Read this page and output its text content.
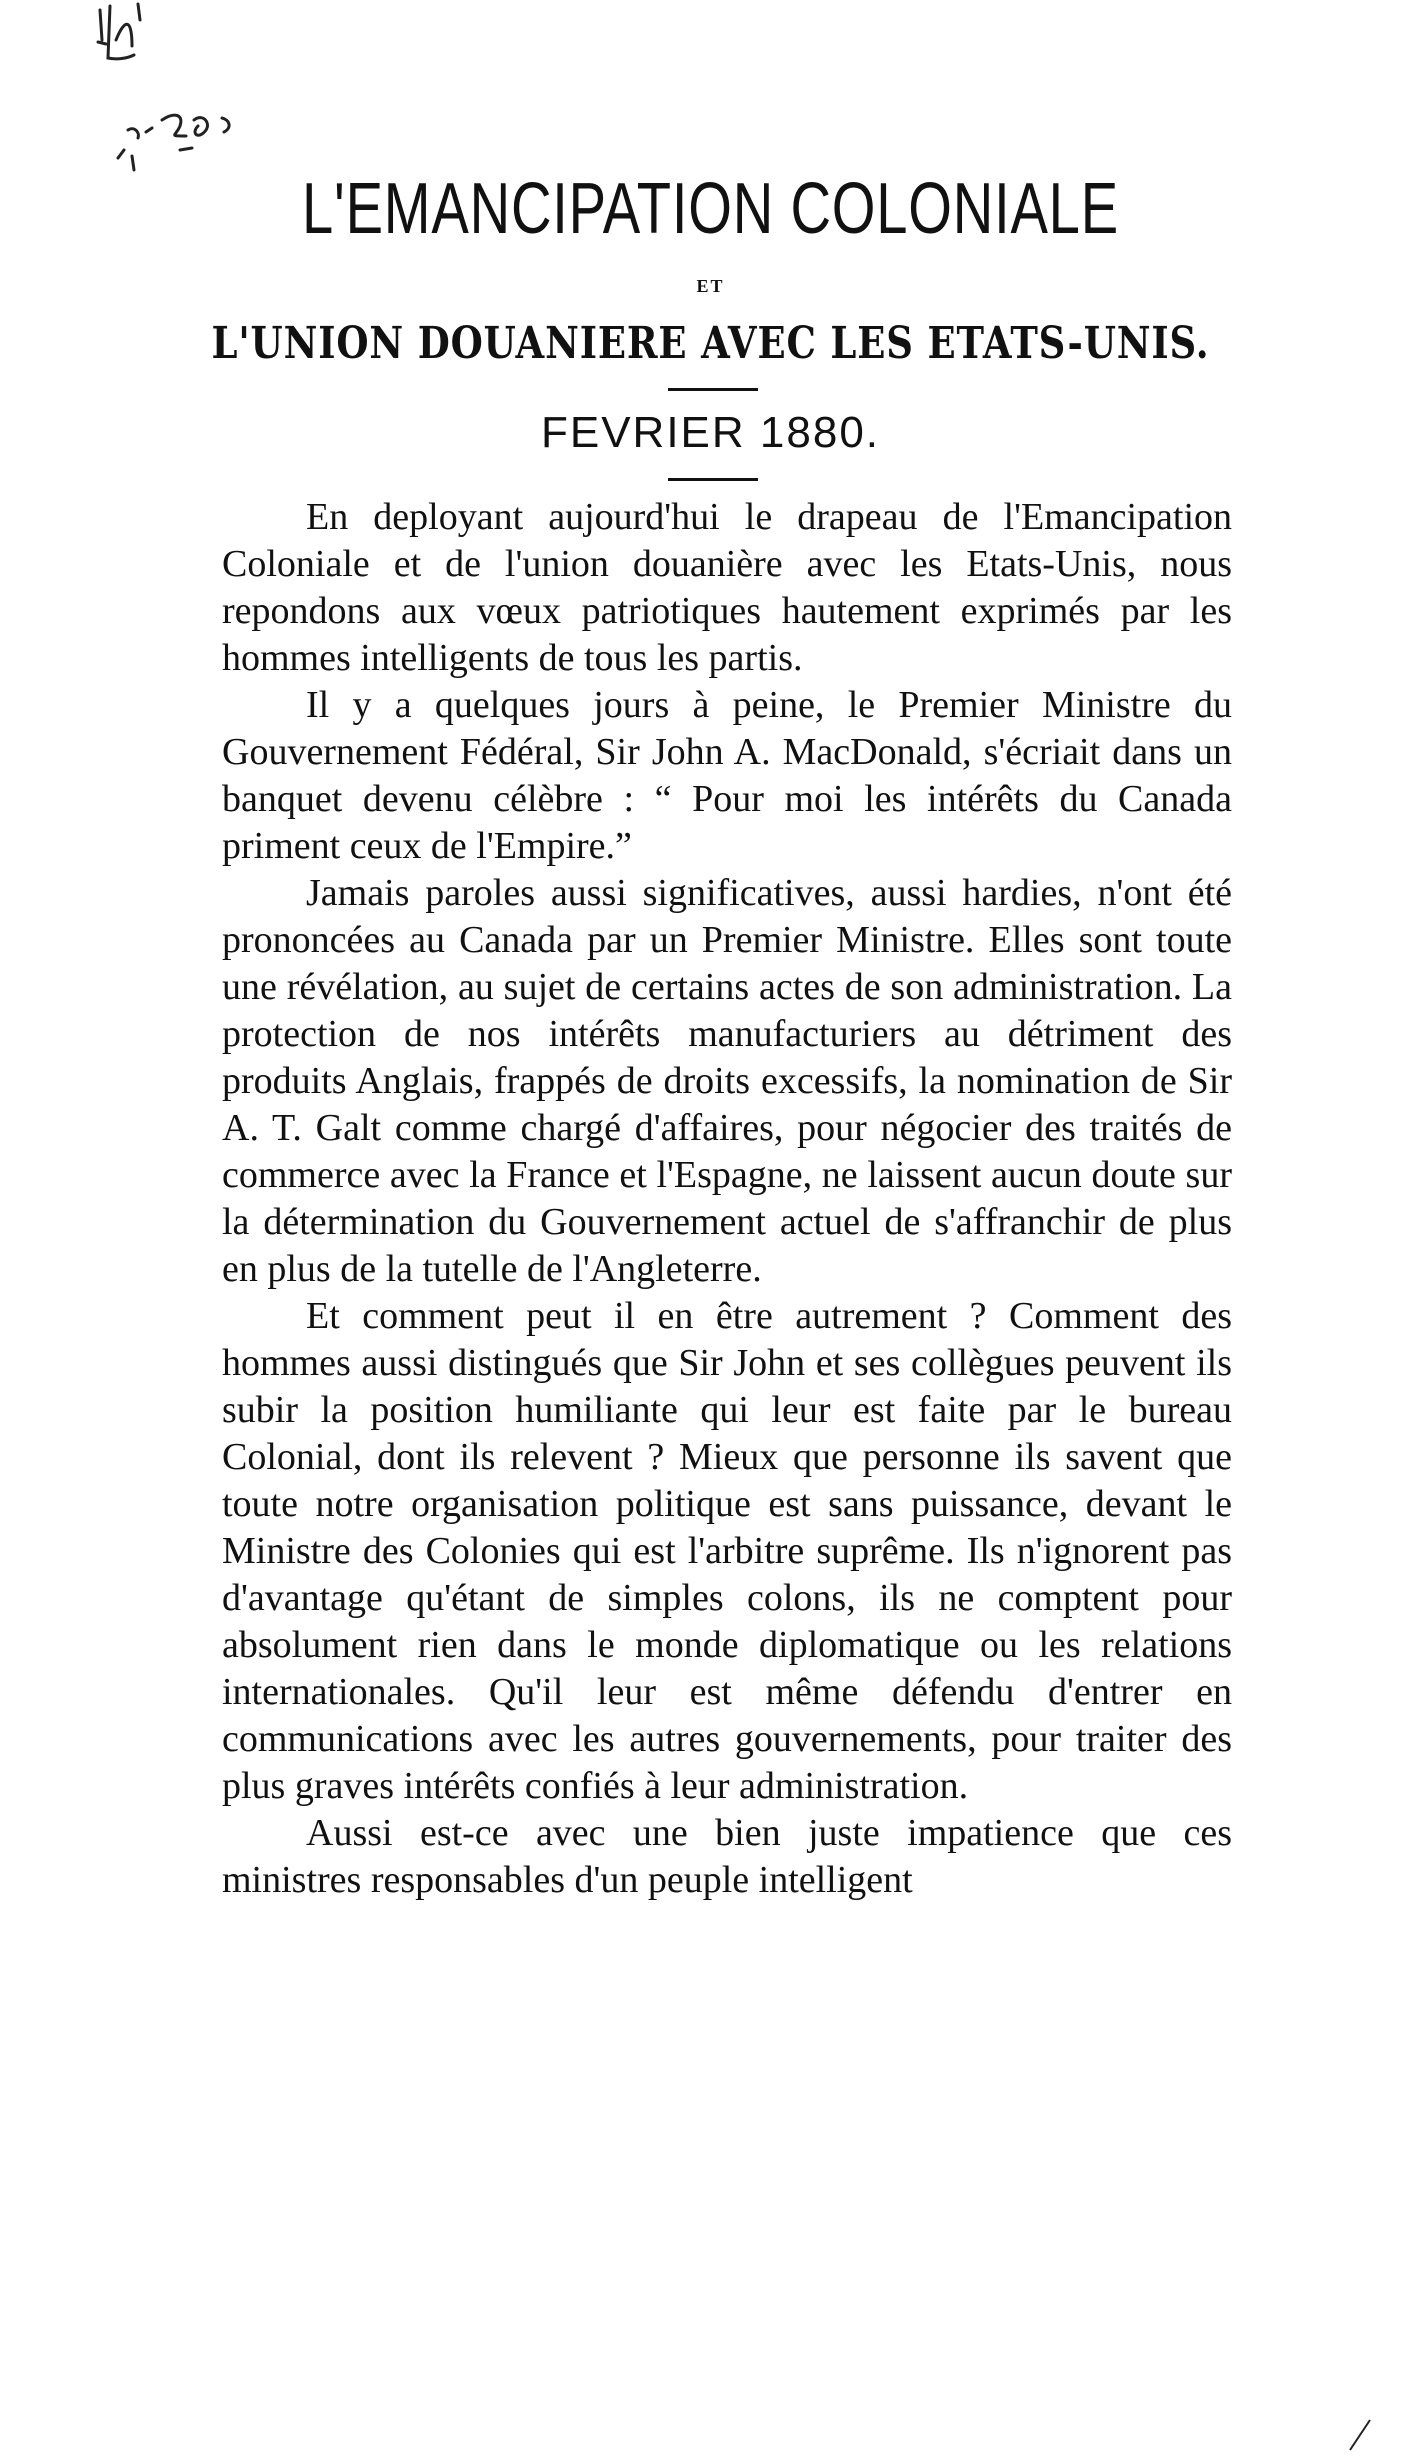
L'EMANCIPATION COLONIALE
ET
L'UNION DOUANIERE AVEC LES ETATS-UNIS.
FEVRIER 1880.

En deployant aujourd'hui le drapeau de l'Emancipation Coloniale et de l'union douanière avec les Etats-Unis, nous repondons aux vœux patriotiques hautement exprimés par les hommes intelligents de tous les partis.

Il y a quelques jours à peine, le Premier Ministre du Gouvernement Fédéral, Sir John A. MacDonald, s'écriait dans un banquet devenu célèbre : “ Pour moi les intérêts du Canada priment ceux de l'Empire.”

Jamais paroles aussi significatives, aussi hardies, n'ont été prononcées au Canada par un Premier Ministre. Elles sont toute une révélation, au sujet de certains actes de son administration. La protection de nos intérêts manufacturiers au détriment des produits Anglais, frappés de droits excessifs, la nomination de Sir A. T. Galt comme chargé d'affaires, pour négocier des traités de commerce avec la France et l'Espagne, ne laissent aucun doute sur la détermination du Gouvernement actuel de s'affranchir de plus en plus de la tutelle de l'Angleterre.

Et comment peut il en être autrement ? Comment des hommes aussi distingués que Sir John et ses collègues peuvent ils subir la position humiliante qui leur est faite par le bureau Colonial, dont ils relevent ? Mieux que personne ils savent que toute notre organisation politique est sans puissance, devant le Ministre des Colonies qui est l'arbitre suprême. Ils n'ignorent pas d'avantage qu'étant de simples colons, ils ne comptent pour absolument rien dans le monde diplomatique ou les relations internationales. Qu'il leur est même défendu d'entrer en communications avec les autres gouvernements, pour traiter des plus graves intérêts confiés à leur administration.

Aussi est-ce avec une bien juste impatience que ces ministres responsables d'un peuple intelligent
